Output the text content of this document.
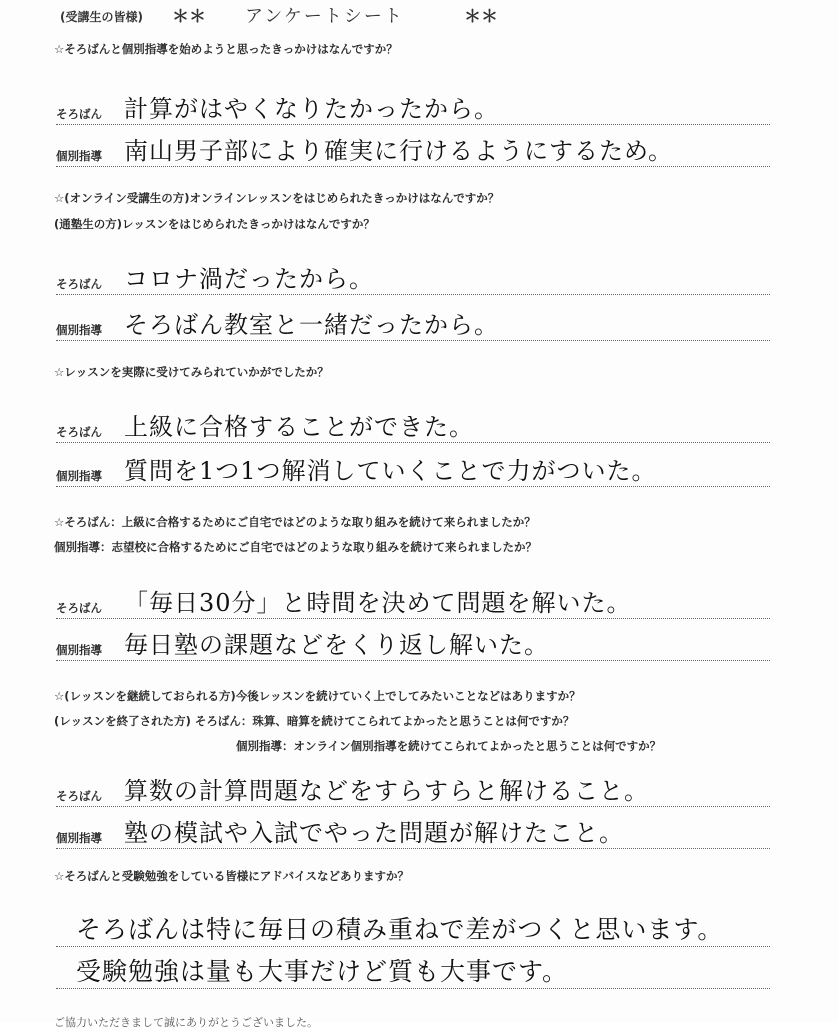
(受講生の皆様) ＊＊ アンケートシート	＊＊
☆そろばんと個別指導を始めようと思ったきっかけはなんですか？
そろばん 計算がはやくなりたかったから。
個別指導 南山男子部により確実に行けるようにするため。
☆(オンライン受講生の方)オンラインレッスンをはじめられたきっかけはなんですか？
(通塾生の方)レッスンをはじめられたきっかけはなんですか？
そろばん コロナ渦だったから。
個別指導 そろばん教室と一緒だったから。
☆レッスンを実際に受けてみられていかがでしたか？
そろばん 上級に合格することができた。
個別指導 質問を1つ1つ解消していくことで力がついた。
☆そろばん：上級に合格するためにご自宅ではどのような取り組みを続けて来られましたか？
個別指導：志望校に合格するためにご自宅ではどのような取り組みを続けて来られましたか？
そろばん 「毎日30分」と時間を決めて問題を解いた。
個別指導 毎日塾の課題などをくり返し解いた。
☆(レッスンを継続しておられる方)今後レッスンを続けていく上でしてみたいことなどはありますか？
(レッスンを終了された方) そろばん：珠算、暗算を続けてこられてよかったと思うことは何ですか？
個別指導：オンライン個別指導を続けてこられてよかったと思うことは何ですか？
そろばん 算数の計算問題などをすらすらと解けること。
個別指導 塾の模試や入試でやった問題が解けたこと。
☆そろばんと受験勉強をしている皆様にアドバイスなどありますか？
そろばんは特に毎日の積み重ねで差がつくと思います。
受験勉強は量も大事だけど質も大事です。
ご協力いただきまして誠にありがとうございました。
